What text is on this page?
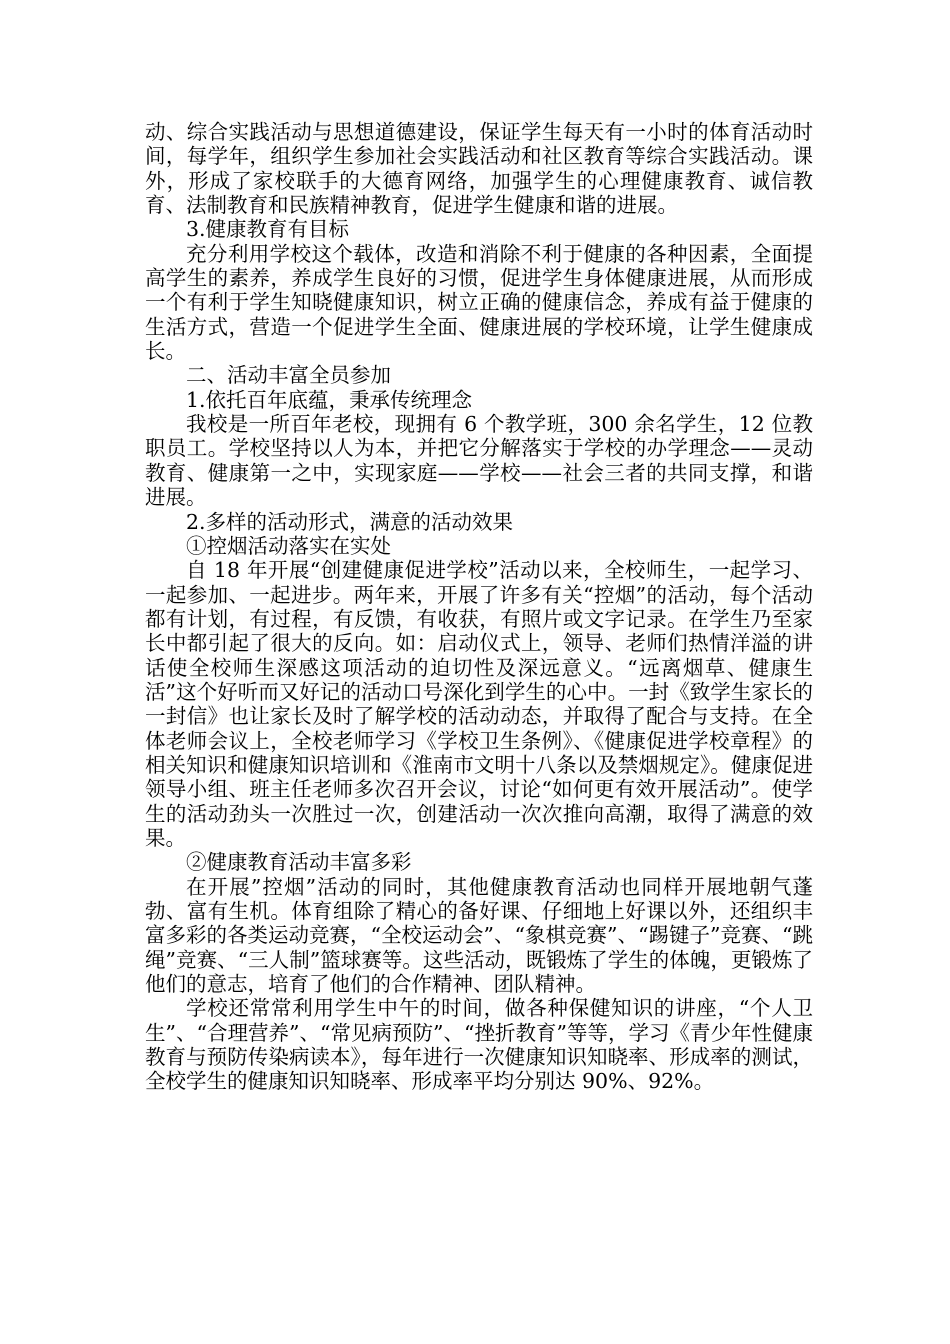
动、综合实践活动与思想道德建设，保证学生每天有一小时的体育活动时间，每学年，组织学生参加社会实践活动和社区教育等综合实践活动。课外，形成了家校联手的大德育网络，加强学生的心理健康教育、诚信教育、法制教育和民族精神教育，促进学生健康和谐的进展。

3.健康教育有目标

充分利用学校这个载体，改造和消除不利于健康的各种因素，全面提高学生的素养，养成学生良好的习惯，促进学生身体健康进展，从而形成一个有利于学生知晓健康知识，树立正确的健康信念，养成有益于健康的生活方式，营造一个促进学生全面、健康进展的学校环境，让学生健康成长。

二、活动丰富全员参加

1.依托百年底蕴，秉承传统理念

我校是一所百年老校，现拥有 6 个教学班，300 余名学生，12 位教职员工。学校坚持以人为本，并把它分解落实于学校的办学理念——灵动教育、健康第一之中，实现家庭——学校——社会三者的共同支撑，和谐进展。

2.多样的活动形式，满意的活动效果

①控烟活动落实在实处

自 18 年开展“创建健康促进学校”活动以来，全校师生，一起学习、一起参加、一起进步。两年来，开展了许多有关“控烟”的活动，每个活动都有计划，有过程，有反馈，有收获，有照片或文字记录。在学生乃至家长中都引起了很大的反向。如：启动仪式上，领导、老师们热情洋溢的讲话使全校师生深感这项活动的迫切性及深远意义。“远离烟草、健康生活”这个好听而又好记的活动口号深化到学生的心中。一封《致学生家长的一封信》也让家长及时了解学校的活动动态，并取得了配合与支持。在全体老师会议上，全校老师学习《学校卫生条例》、《健康促进学校章程》的相关知识和健康知识培训和《淮南市文明十八条以及禁烟规定》。健康促进领导小组、班主任老师多次召开会议，讨论“如何更有效开展活动”。使学生的活动劲头一次胜过一次，创建活动一次次推向高潮，取得了满意的效果。

②健康教育活动丰富多彩

在开展”控烟”活动的同时，其他健康教育活动也同样开展地朝气蓬勃、富有生机。体育组除了精心的备好课、仔细地上好课以外，还组织丰富多彩的各类运动竞赛，“全校运动会”、“象棋竞赛”、“踢键子”竞赛、“跳绳”竞赛、“三人制”篮球赛等。这些活动，既锻炼了学生的体魄，更锻炼了他们的意志，培育了他们的合作精神、团队精神。

学校还常常利用学生中午的时间，做各种保健知识的讲座，“个人卫生”、“合理营养”、“常见病预防”、“挫折教育”等等，学习《青少年性健康教育与预防传染病读本》，每年进行一次健康知识知晓率、形成率的测试，全校学生的健康知识知晓率、形成率平均分别达 90%、92%。
